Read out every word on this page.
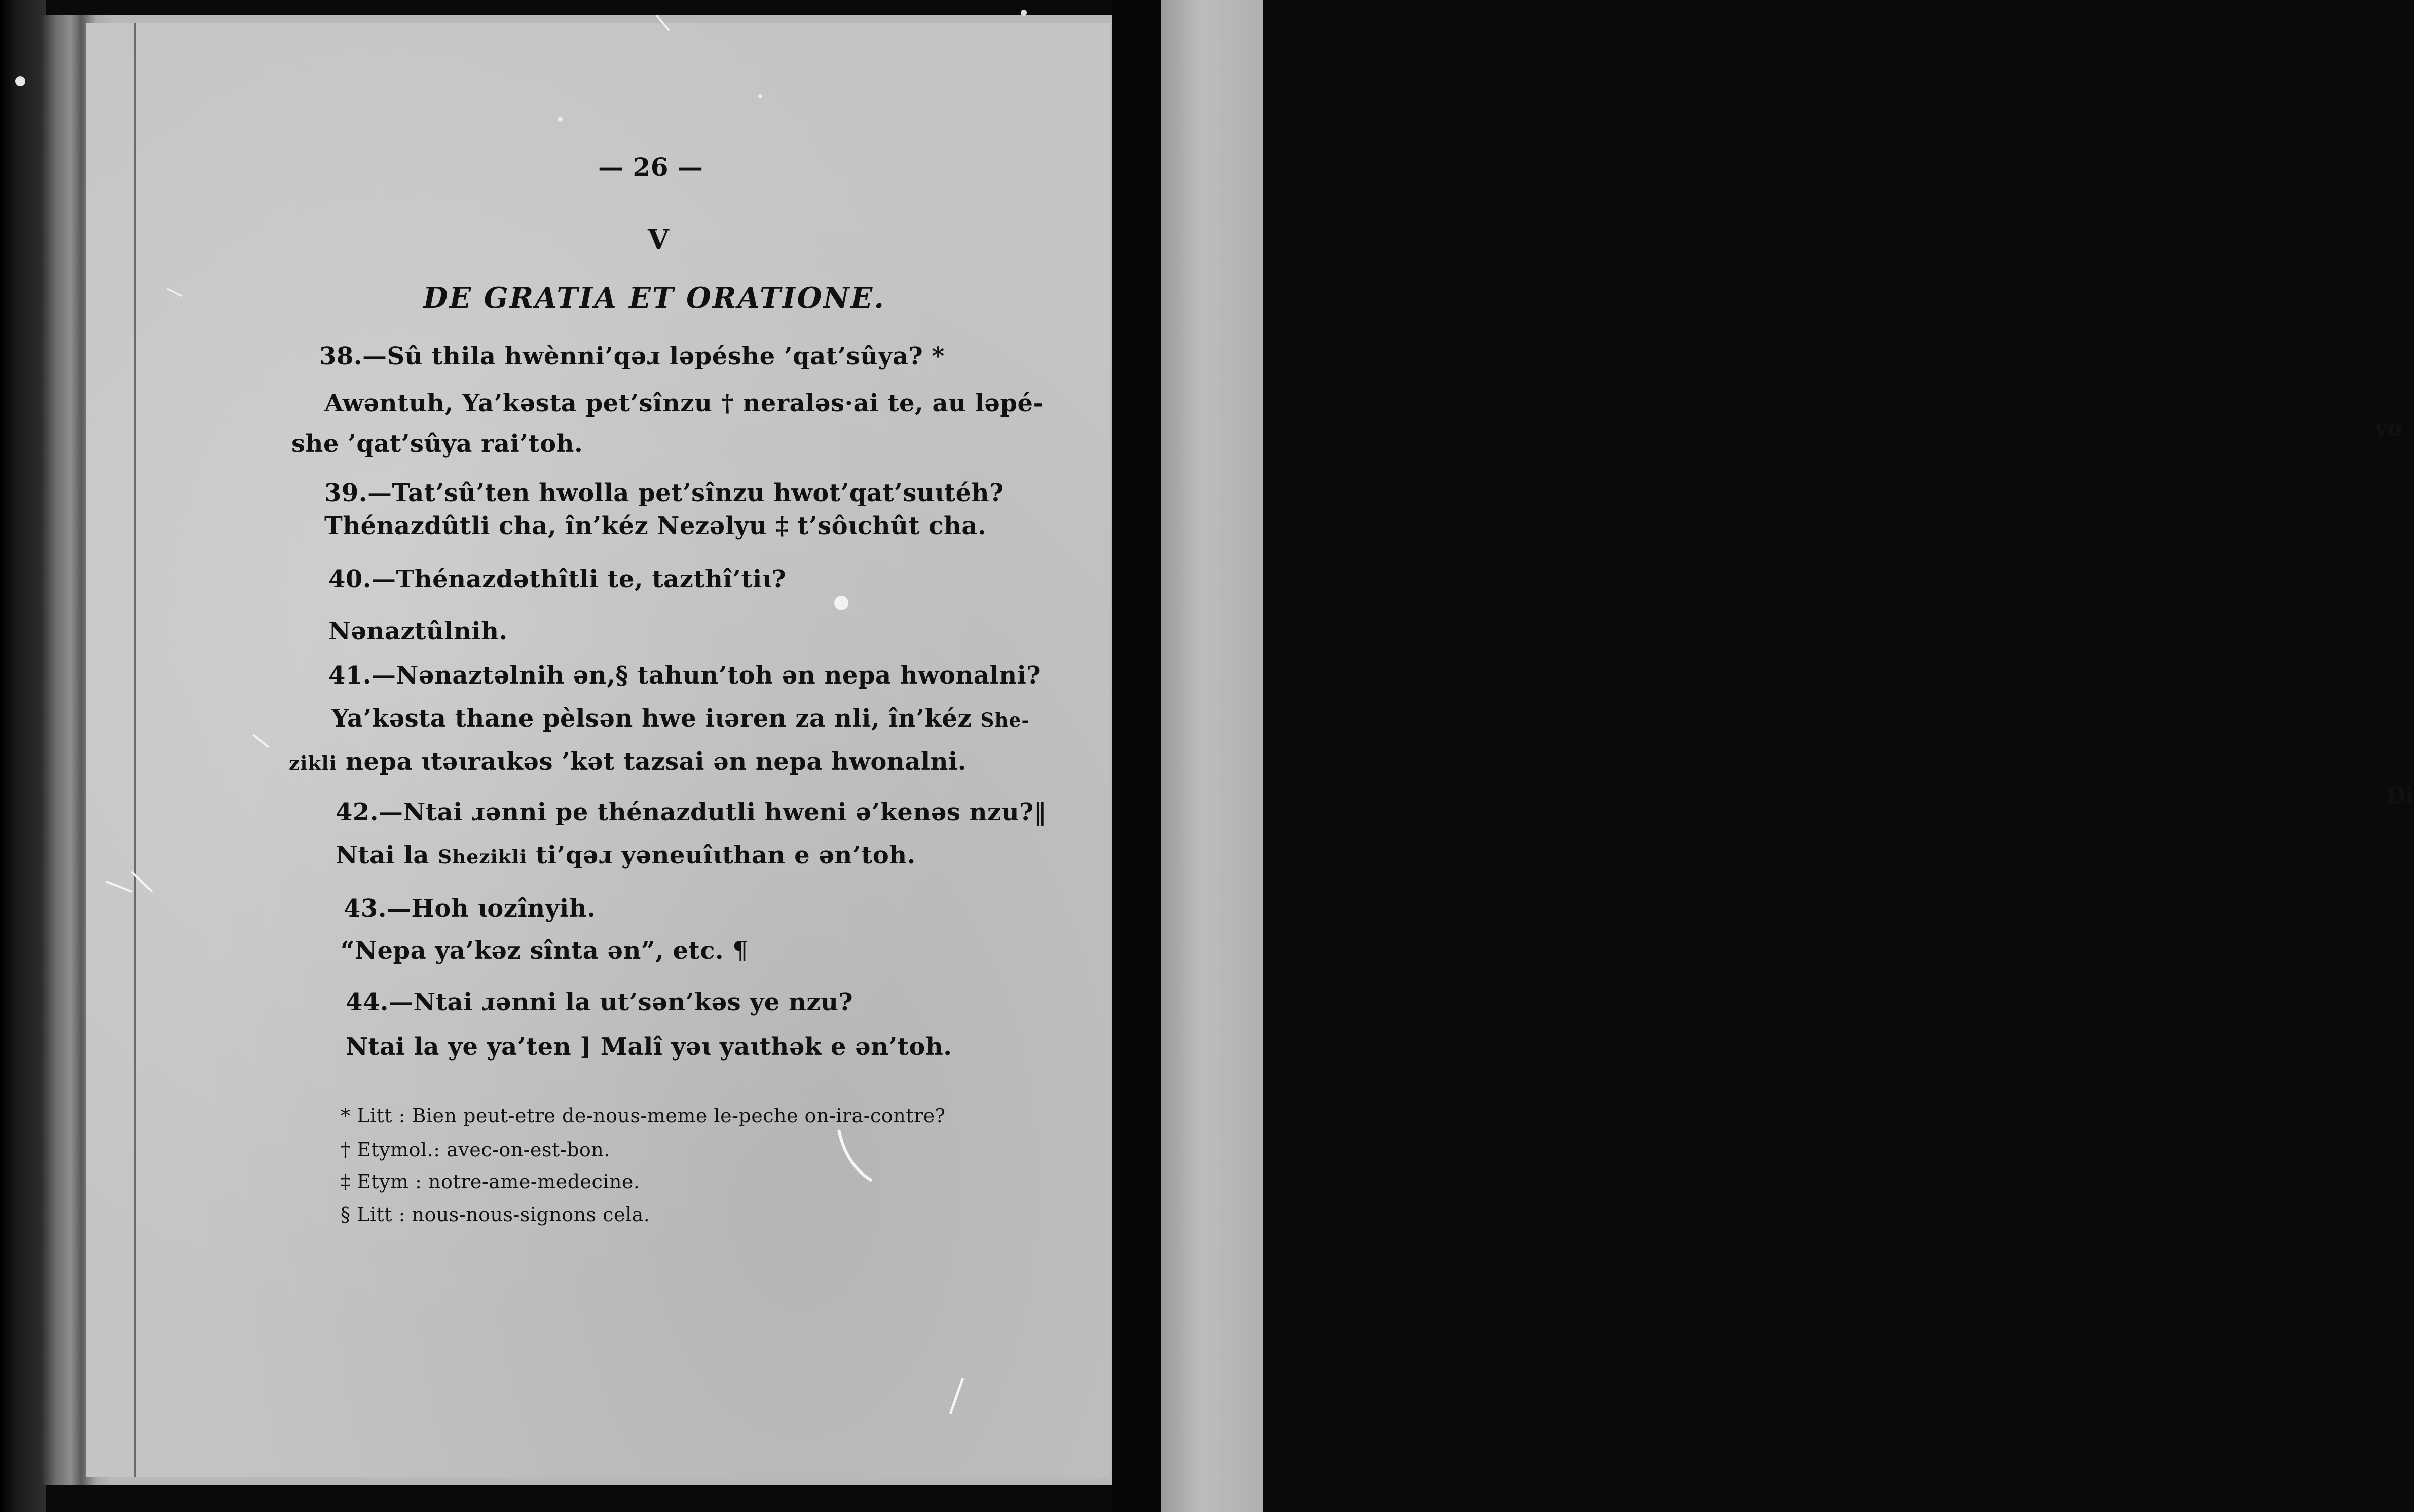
vo
Di
— 26 —
V
DE GRATIA ET ORATIONE.
38.—Sû thila hwènni’qəɹ ləpéshe ’qat’sûya? *
Awəntuh, Ya’kəsta pet’sînzu † neraləs·ai te, au ləpé-
she ’qat’sûya rai’toh.
39.—Tat’sû’ten hwolla pet’sînzu hwot’qat’suɩtéh?
Thénazdûtli cha, în’kéz Nezəlyu ‡ t’sôɩchût cha.
40.—Thénazdəthîtli te, tazthî’tiɩ?
Nənaztûlnih.
41.—Nənaztəlnih ən,§ tahun’toh ən nepa hwonalni?
Ya’kəsta thane pèlsən hwe iɩəren za nli, în’kéz She-
zikli nepa ɩtəɩraɩkəs ’kət tazsai ən nepa hwonalni.
42.—Ntai ɹənni pe thénazdutli hweni ə’kenəs nzu?‖
Ntai la Shezikli ti’qəɹ yəneuîɩthan e ən’toh.
43.—Hoh ɩozînyih.
“Nepa ya’kəz sînta ən”, etc. ¶
44.—Ntai ɹənni la ut’sən’kəs ye nzu?
Ntai la ye ya’ten ] Malî yəɩ yaɩthək e ən’toh.
* Litt : Bien peut-etre de-nous-meme le-peche on-ira-contre?
† Etymol.: avec-on-est-bon.
‡ Etym : notre-ame-medecine.
§ Litt : nous-nous-signons cela.
